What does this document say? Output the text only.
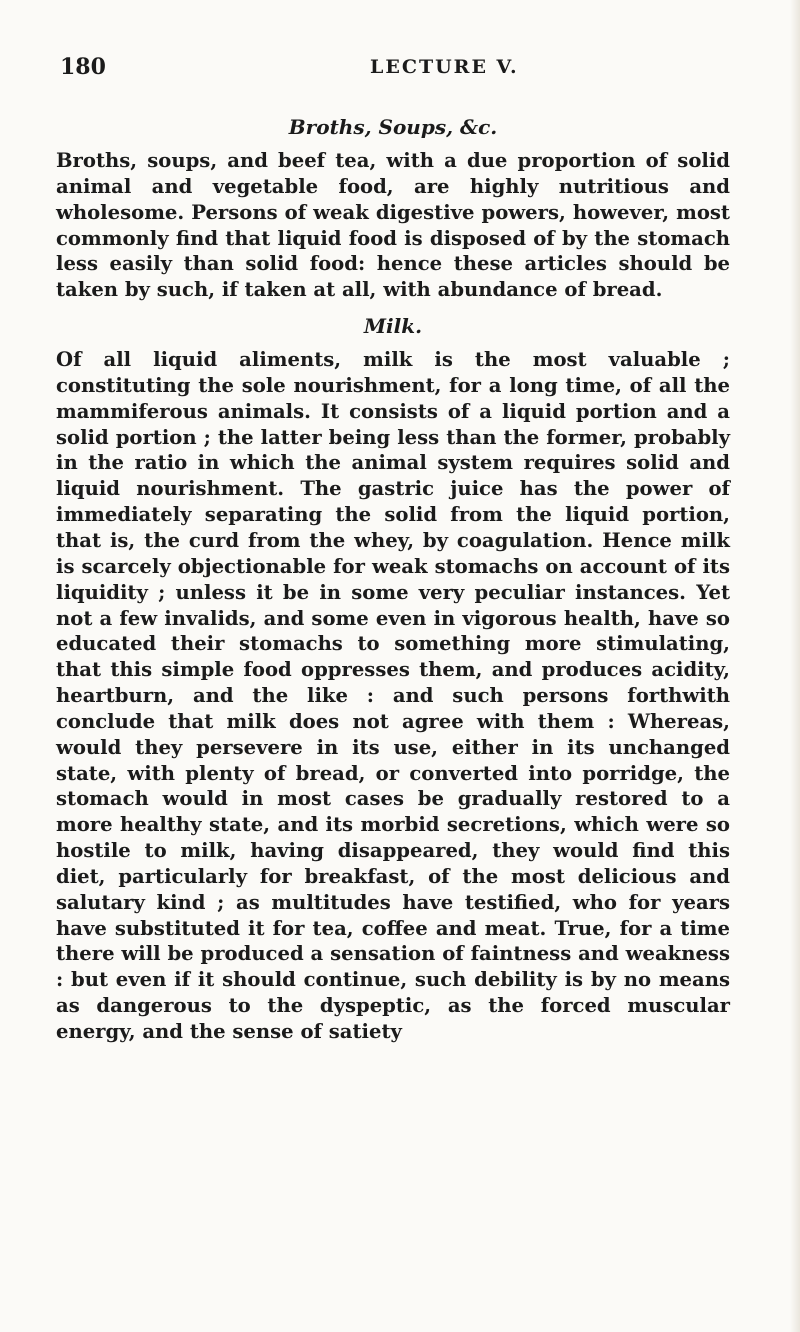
180	LECTURE V.
Broths, Soups, &c.

Broths, soups, and beef tea, with a due proportion of solid animal and vegetable food, are highly nutritious and wholesome. Persons of weak digestive powers, however, most commonly find that liquid food is disposed of by the stomach less easily than solid food: hence these articles should be taken by such, if taken at all, with abundance of bread.

Milk.

Of all liquid aliments, milk is the most valuable ; constituting the sole nourishment, for a long time, of all the mammiferous animals. It consists of a liquid portion and a solid portion ; the latter being less than the former, probably in the ratio in which the animal system requires solid and liquid nourishment. The gastric juice has the power of immediately separating the solid from the liquid portion, that is, the curd from the whey, by coagulation. Hence milk is scarcely objectionable for weak stomachs on account of its liquidity ; unless it be in some very peculiar instances. Yet not a few invalids, and some even in vigorous health, have so educated their stomachs to something more stimulating, that this simple food oppresses them, and produces acidity, heartburn, and the like : and such persons forthwith conclude that milk does not agree with them : Whereas, would they persevere in its use, either in its unchanged state, with plenty of bread, or converted into porridge, the stomach would in most cases be gradually restored to a more healthy state, and its morbid secretions, which were so hostile to milk, having disappeared, they would find this diet, particularly for breakfast, of the most delicious and salutary kind ; as multitudes have testified, who for years have substituted it for tea, coffee and meat. True, for a time there will be produced a sensation of faintness and weakness : but even if it should continue, such debility is by no means as dangerous to the dyspeptic, as the forced muscular energy, and the sense of satiety
